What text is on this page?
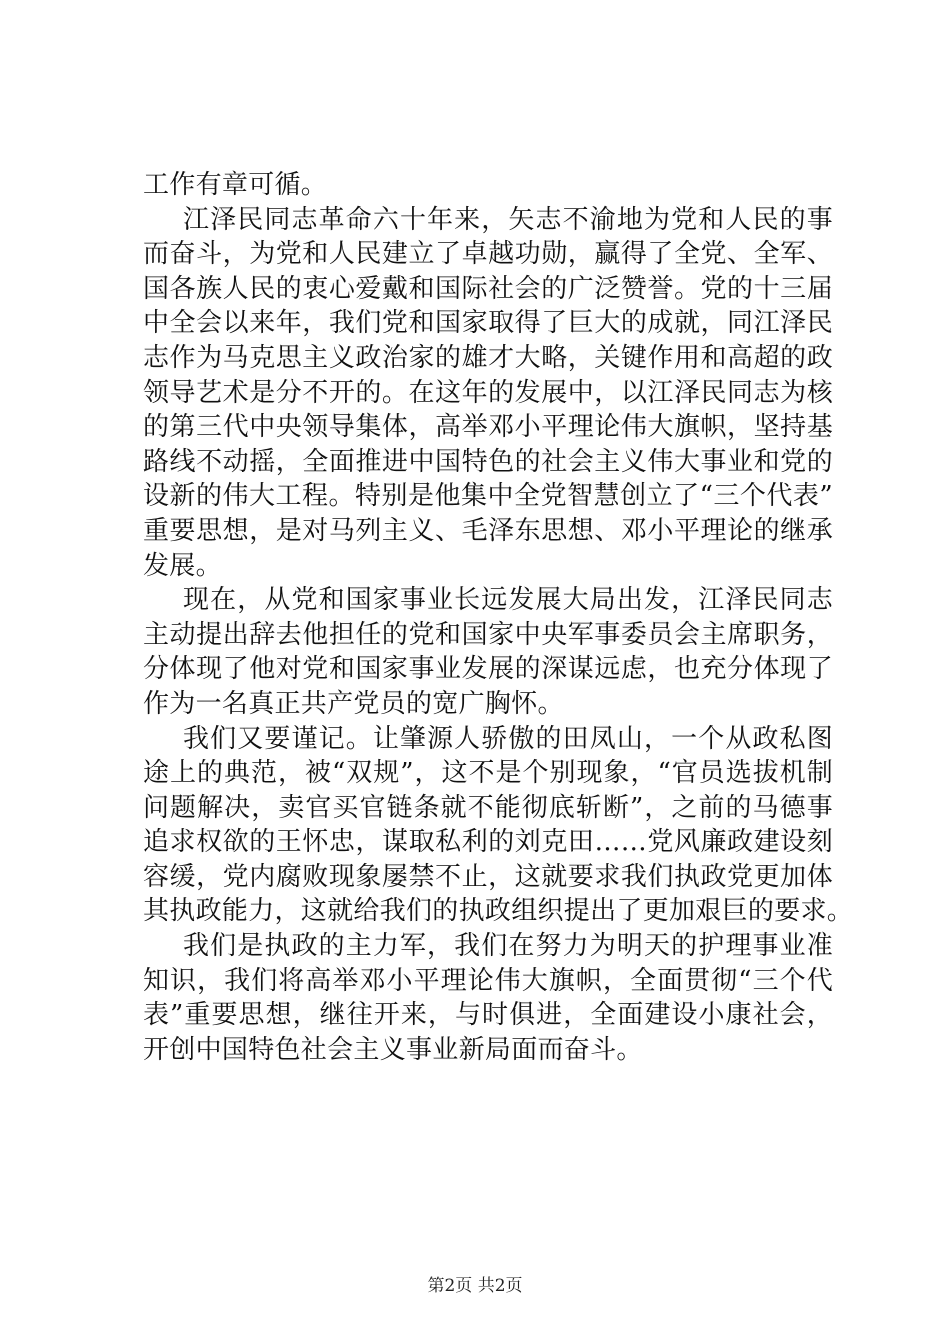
工作有章可循。
江泽民同志革命六十年来，矢志不渝地为党和人民的事
而奋斗，为党和人民建立了卓越功勋，赢得了全党、全军、
国各族人民的衷心爱戴和国际社会的广泛赞誉。党的十三届
中全会以来年，我们党和国家取得了巨大的成就，同江泽民
志作为马克思主义政治家的雄才大略，关键作用和高超的政
领导艺术是分不开的。在这年的发展中，以江泽民同志为核
的第三代中央领导集体，高举邓小平理论伟大旗帜，坚持基
路线不动摇，全面推进中国特色的社会主义伟大事业和党的
设新的伟大工程。特别是他集中全党智慧创立了“三个代表”
重要思想，是对马列主义、毛泽东思想、邓小平理论的继承
发展。
现在，从党和国家事业长远发展大局出发，江泽民同志
主动提出辞去他担任的党和国家中央军事委员会主席职务，
分体现了他对党和国家事业发展的深谋远虑，也充分体现了
作为一名真正共产党员的宽广胸怀。
我们又要谨记。让肇源人骄傲的田凤山，一个从政私图
途上的典范，被“双规”，这不是个别现象，“官员选拔机制
问题解决，卖官买官链条就不能彻底斩断”，之前的马德事
追求权欲的王怀忠，谋取私利的刘克田……党风廉政建设刻
容缓，党内腐败现象屡禁不止，这就要求我们执政党更加体
其执政能力，这就给我们的执政组织提出了更加艰巨的要求。
我们是执政的主力军，我们在努力为明天的护理事业准
知识，我们将高举邓小平理论伟大旗帜，全面贯彻“三个代
表”重要思想，继往开来，与时俱进，全面建设小康社会，
开创中国特色社会主义事业新局面而奋斗。
第2页 共2页
